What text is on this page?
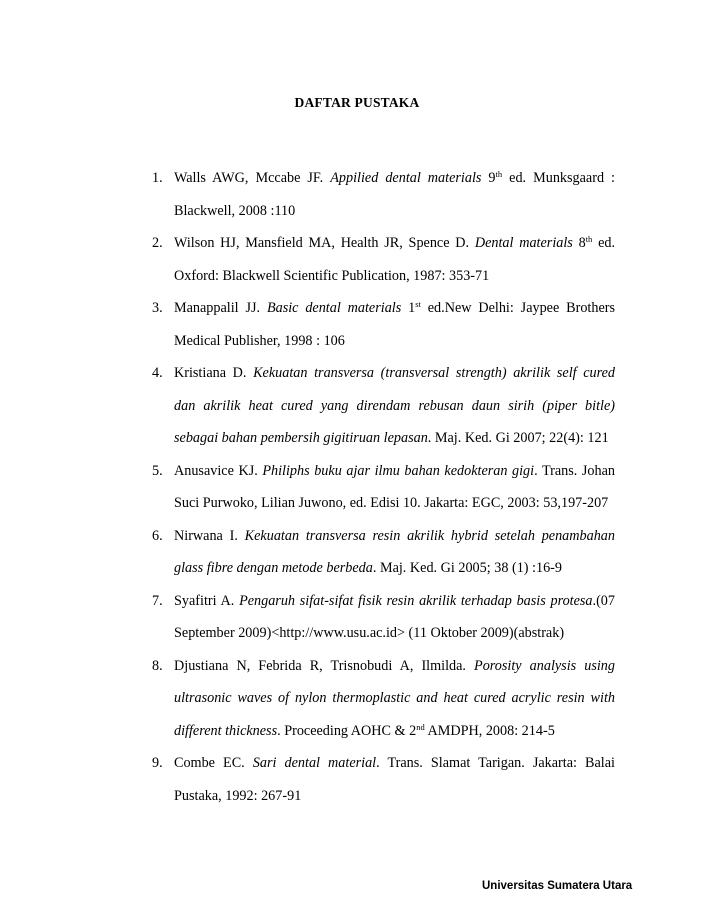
DAFTAR PUSTAKA
1. Walls AWG, Mccabe JF. Appilied dental materials 9th ed. Munksgaard : Blackwell, 2008 :110
2. Wilson HJ, Mansfield MA, Health JR, Spence D. Dental materials 8th ed. Oxford: Blackwell Scientific Publication, 1987: 353-71
3. Manappalil JJ. Basic dental materials 1st ed.New Delhi: Jaypee Brothers Medical Publisher, 1998 : 106
4. Kristiana D. Kekuatan transversa (transversal strength) akrilik self cured dan akrilik heat cured yang direndam rebusan daun sirih (piper bitle) sebagai bahan pembersih gigitiruan lepasan. Maj. Ked. Gi 2007; 22(4): 121
5. Anusavice KJ. Philiphs buku ajar ilmu bahan kedokteran gigi. Trans. Johan Suci Purwoko, Lilian Juwono, ed. Edisi 10. Jakarta: EGC, 2003: 53,197-207
6. Nirwana I. Kekuatan transversa resin akrilik hybrid setelah penambahan glass fibre dengan metode berbeda. Maj. Ked. Gi 2005; 38 (1) :16-9
7. Syafitri A. Pengaruh sifat-sifat fisik resin akrilik terhadap basis protesa.(07 September 2009)<http://www.usu.ac.id> (11 Oktober 2009)(abstrak)
8. Djustiana N, Febrida R, Trisnobudi A, Ilmilda. Porosity analysis using ultrasonic waves of nylon thermoplastic and heat cured acrylic resin with different thickness. Proceeding AOHC & 2nd AMDPH, 2008: 214-5
9. Combe EC. Sari dental material. Trans. Slamat Tarigan. Jakarta: Balai Pustaka, 1992: 267-91
Universitas Sumatera Utara
